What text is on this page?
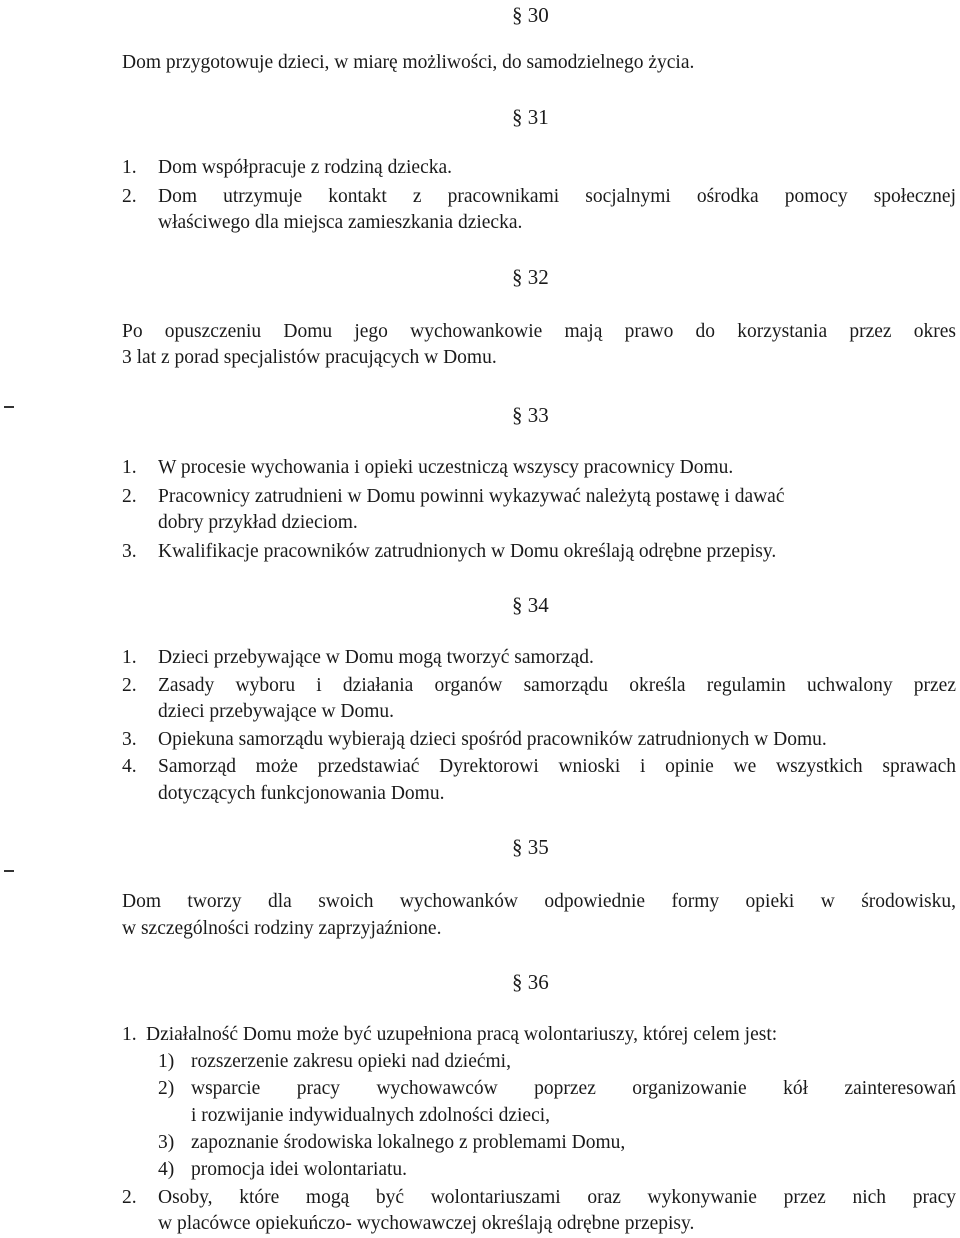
§ 30
Dom przygotowuje dzieci, w miarę możliwości, do samodzielnego życia.
§ 31
1. Dom współpracuje z rodziną dziecka.
2. Dom utrzymuje kontakt z pracownikami socjalnymi ośrodka pomocy społecznej
właściwego dla miejsca zamieszkania dziecka.
§ 32
Po opuszczeniu Domu jego wychowankowie mają prawo do korzystania przez okres
3 lat z porad specjalistów pracujących w Domu.
§ 33
1. W procesie wychowania i opieki uczestniczą wszyscy pracownicy Domu.
2. Pracownicy zatrudnieni w Domu powinni wykazywać należytą postawę i dawać
dobry przykład dzieciom.
3. Kwalifikacje pracowników zatrudnionych w Domu określają odrębne przepisy.
§ 34
1. Dzieci przebywające w Domu mogą tworzyć samorząd.
2. Zasady wyboru i działania organów samorządu określa regulamin uchwalony przez
dzieci przebywające w Domu.
3. Opiekuna samorządu wybierają dzieci spośród pracowników zatrudnionych w Domu.
4. Samorząd może przedstawiać Dyrektorowi wnioski i opinie we wszystkich sprawach
dotyczących funkcjonowania Domu.
§ 35
Dom tworzy dla swoich wychowanków odpowiednie formy opieki w środowisku,
w szczególności rodziny zaprzyjaźnione.
§ 36
1. Działalność Domu może być uzupełniona pracą wolontariuszy, której celem jest:
1) rozszerzenie zakresu opieki nad dziećmi,
2) wsparcie pracy wychowawców poprzez organizowanie kół zainteresowań
i rozwijanie indywidualnych zdolności dzieci,
3) zapoznanie środowiska lokalnego z problemami Domu,
4) promocja idei wolontariatu.
2. Osoby, które mogą być wolontariuszami oraz wykonywanie przez nich pracy
w placówce opiekuńczo- wychowawczej określają odrębne przepisy.
